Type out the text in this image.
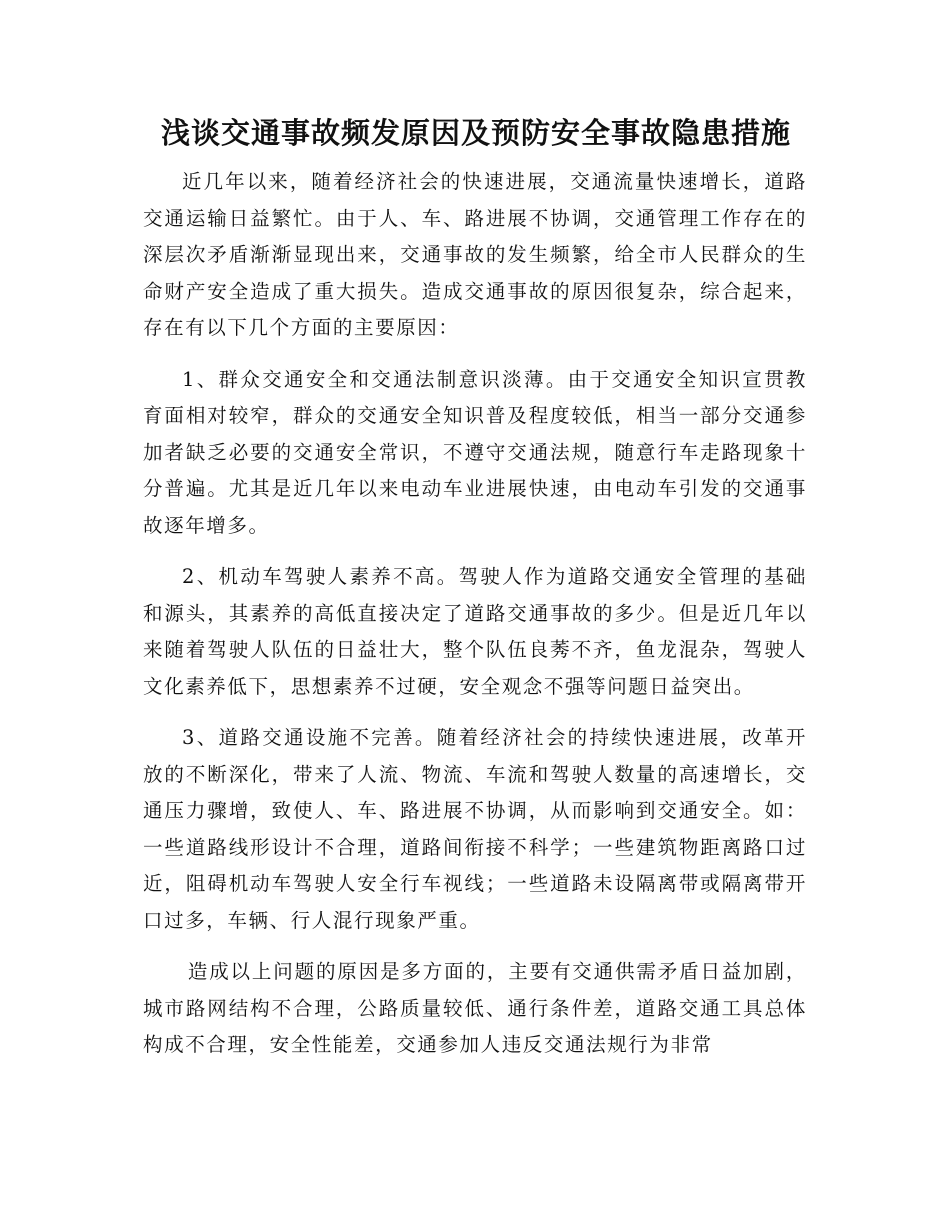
浅谈交通事故频发原因及预防安全事故隐患措施

近几年以来，随着经济社会的快速进展，交通流量快速增长，道路交通运输日益繁忙。由于人、车、路进展不协调，交通管理工作存在的深层次矛盾渐渐显现出来，交通事故的发生频繁，给全市人民群众的生命财产安全造成了重大损失。造成交通事故的原因很复杂，综合起来，存在有以下几个方面的主要原因：

1、群众交通安全和交通法制意识淡薄。由于交通安全知识宣贯教育面相对较窄，群众的交通安全知识普及程度较低，相当一部分交通参加者缺乏必要的交通安全常识，不遵守交通法规，随意行车走路现象十分普遍。尤其是近几年以来电动车业进展快速，由电动车引发的交通事故逐年增多。

2、机动车驾驶人素养不高。驾驶人作为道路交通安全管理的基础和源头，其素养的高低直接决定了道路交通事故的多少。但是近几年以来随着驾驶人队伍的日益壮大，整个队伍良莠不齐，鱼龙混杂，驾驶人文化素养低下，思想素养不过硬，安全观念不强等问题日益突出。

3、道路交通设施不完善。随着经济社会的持续快速进展，改革开放的不断深化，带来了人流、物流、车流和驾驶人数量的高速增长，交通压力骤增，致使人、车、路进展不协调，从而影响到交通安全。如：一些道路线形设计不合理，道路间衔接不科学；一些建筑物距离路口过近，阻碍机动车驾驶人安全行车视线；一些道路未设隔离带或隔离带开口过多，车辆、行人混行现象严重。

造成以上问题的原因是多方面的，主要有交通供需矛盾日益加剧，城市路网结构不合理，公路质量较低、通行条件差，道路交通工具总体构成不合理，安全性能差，交通参加人违反交通法规行为非常
